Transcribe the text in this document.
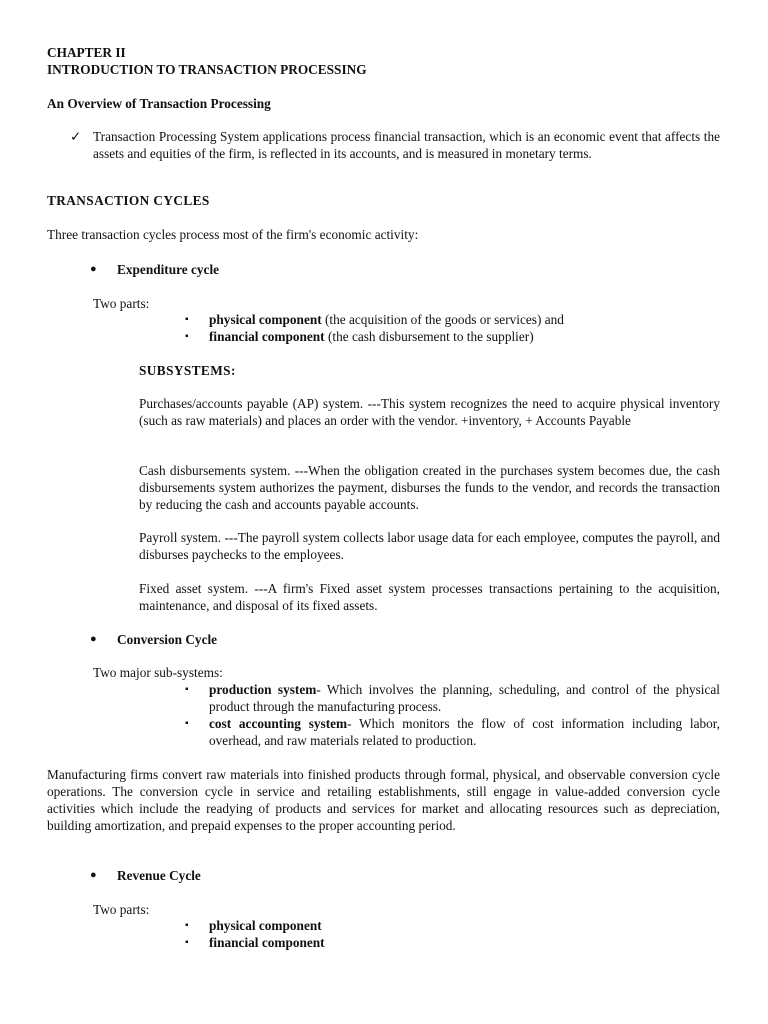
CHAPTER II
INTRODUCTION TO TRANSACTION PROCESSING
An Overview of Transaction Processing
✓ Transaction Processing System applications process financial transaction, which is an economic event that affects the assets and equities of the firm, is reflected in its accounts, and is measured in monetary terms.
TRANSACTION CYCLES
Three transaction cycles process most of the firm's economic activity:
● Expenditure cycle
Two parts:
▪ physical component (the acquisition of the goods or services) and
▪ financial component (the cash disbursement to the supplier)
SUBSYSTEMS:
Purchases/accounts payable (AP) system. ---This system recognizes the need to acquire physical inventory (such as raw materials) and places an order with the vendor. +inventory, + Accounts Payable
Cash disbursements system. ---When the obligation created in the purchases system becomes due, the cash disbursements system authorizes the payment, disburses the funds to the vendor, and records the transaction by reducing the cash and accounts payable accounts.
Payroll system. ---The payroll system collects labor usage data for each employee, computes the payroll, and disburses paychecks to the employees.
Fixed asset system. ---A firm's Fixed asset system processes transactions pertaining to the acquisition, maintenance, and disposal of its fixed assets.
● Conversion Cycle
Two major sub-systems:
▪ production system- Which involves the planning, scheduling, and control of the physical product through the manufacturing process.
▪ cost accounting system- Which monitors the flow of cost information including labor, overhead, and raw materials related to production.
Manufacturing firms convert raw materials into finished products through formal, physical, and observable conversion cycle operations. The conversion cycle in service and retailing establishments, still engage in value-added conversion cycle activities which include the readying of products and services for market and allocating resources such as depreciation, building amortization, and prepaid expenses to the proper accounting period.
● Revenue Cycle
Two parts:
▪ physical component
▪ financial component
